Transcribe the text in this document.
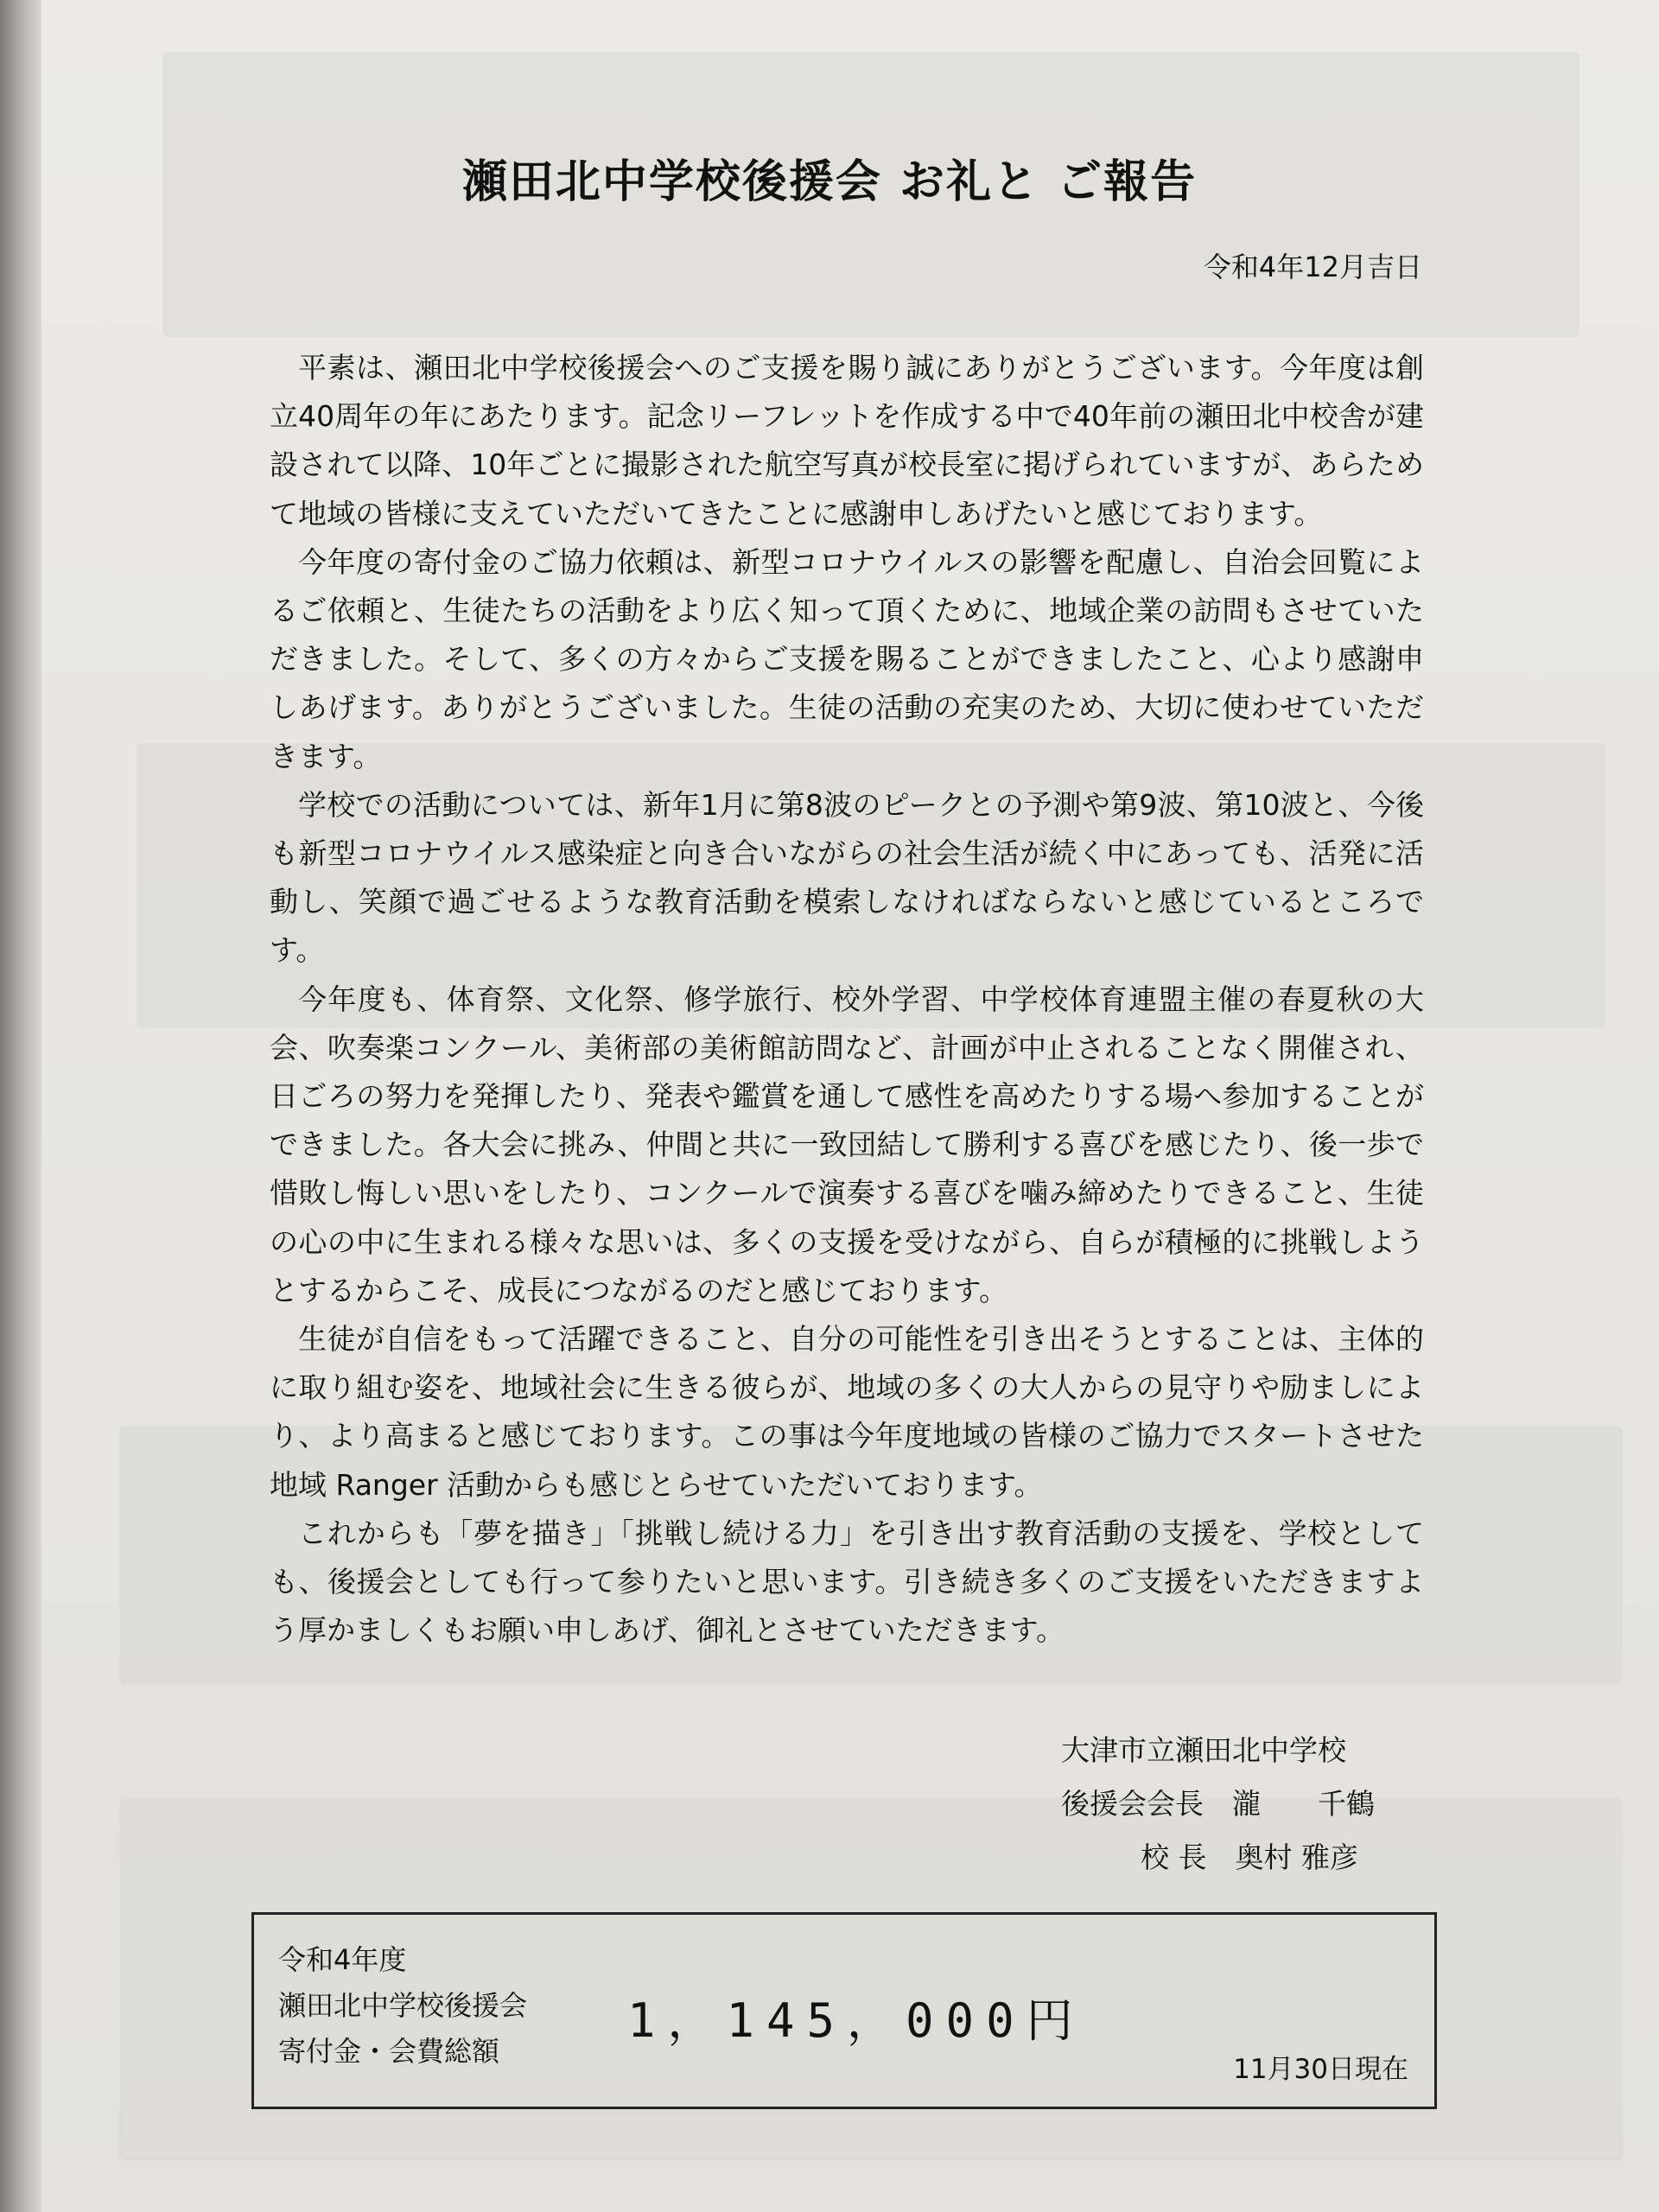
瀬田北中学校後援会 お礼と ご報告
令和4年12月吉日

平素は、瀬田北中学校後援会へのご支援を賜り誠にありがとうございます。今年度は創立40周年の年にあたります。記念リーフレットを作成する中で40年前の瀬田北中校舎が建設されて以降、10年ごとに撮影された航空写真が校長室に掲げられていますが、あらためて地域の皆様に支えていただいてきたことに感謝申しあげたいと感じております。

今年度の寄付金のご協力依頼は、新型コロナウイルスの影響を配慮し、自治会回覧によるご依頼と、生徒たちの活動をより広く知って頂くために、地域企業の訪問もさせていただきました。そして、多くの方々からご支援を賜ることができましたこと、心より感謝申しあげます。ありがとうございました。生徒の活動の充実のため、大切に使わせていただきます。

学校での活動については、新年1月に第8波のピークとの予測や第9波、第10波と、今後も新型コロナウイルス感染症と向き合いながらの社会生活が続く中にあっても、活発に活動し、笑顔で過ごせるような教育活動を模索しなければならないと感じているところです。

今年度も、体育祭、文化祭、修学旅行、校外学習、中学校体育連盟主催の春夏秋の大会、吹奏楽コンクール、美術部の美術館訪問など、計画が中止されることなく開催され、日ごろの努力を発揮したり、発表や鑑賞を通して感性を高めたりする場へ参加することができました。各大会に挑み、仲間と共に一致団結して勝利する喜びを感じたり、後一歩で惜敗し悔しい思いをしたり、コンクールで演奏する喜びを噛み締めたりできること、生徒の心の中に生まれる様々な思いは、多くの支援を受けながら、自らが積極的に挑戦しようとするからこそ、成長につながるのだと感じております。

生徒が自信をもって活躍できること、自分の可能性を引き出そうとすることは、主体的に取り組む姿を、地域社会に生きる彼らが、地域の多くの大人からの見守りや励ましにより、より高まると感じております。この事は今年度地域の皆様のご協力でスタートさせた地域 Ranger 活動からも感じとらせていただいております。

これからも「夢を描き」「挑戦し続ける力」を引き出す教育活動の支援を、学校としても、後援会としても行って参りたいと思います。引き続き多くのご支援をいただきますよう厚かましくもお願い申しあげ、御礼とさせていただきます。

大津市立瀬田北中学校
後援会会長　瀧　　千鶴
校 長　奥村 雅彦
令和4年度
瀬田北中学校後援会
寄付金・会費総額
1，145，000円
11月30日現在
